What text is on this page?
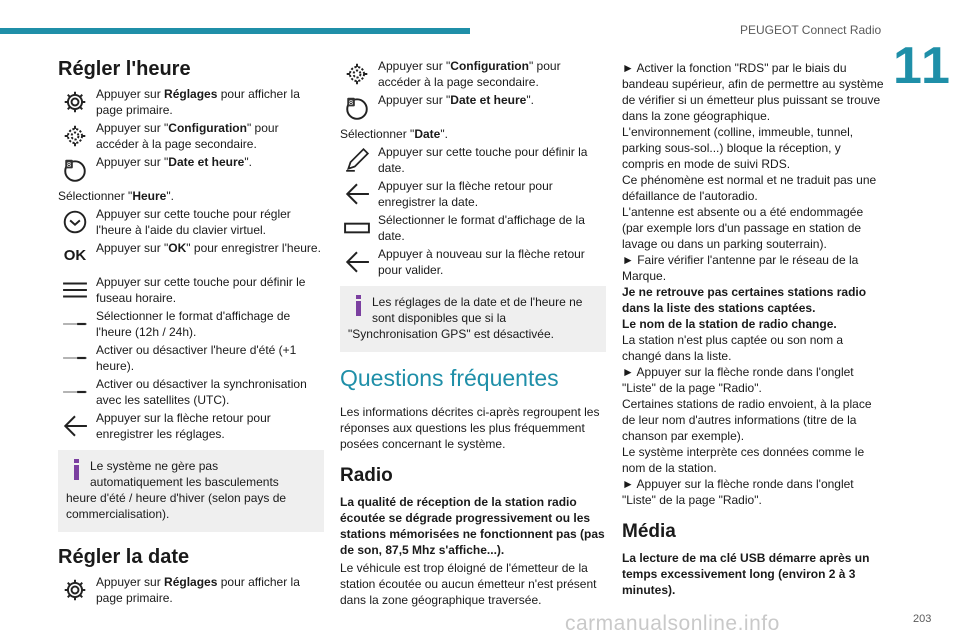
PEUGEOT Connect Radio
11
Régler l'heure
Appuyer sur Réglages pour afficher la page primaire.
Appuyer sur "Configuration" pour accéder à la page secondaire.
8 Appuyer sur "Date et heure".

Sélectionner "Heure".

Appuyer sur cette touche pour régler l'heure à l'aide du clavier virtuel.
OK Appuyer sur "OK" pour enregistrer l'heure.
Appuyer sur cette touche pour définir le fuseau horaire.
Sélectionner le format d'affichage de l'heure (12h / 24h).
Activer ou désactiver l'heure d'été (+1 heure).
Activer ou désactiver la synchronisation avec les satellites (UTC).
Appuyer sur la flèche retour pour enregistrer les réglages.
Le système ne gère pas automatiquement les basculements
heure d'été / heure d'hiver (selon pays de commercialisation).
Régler la date
Appuyer sur Réglages pour afficher la page primaire.
Appuyer sur "Configuration" pour accéder à la page secondaire.
8 Appuyer sur "Date et heure".

Sélectionner "Date".

Appuyer sur cette touche pour définir la date.
Appuyer sur la flèche retour pour enregistrer la date.
Sélectionner le format d'affichage de la date.
Appuyer à nouveau sur la flèche retour pour valider.
Les réglages de la date et de l'heure ne sont disponibles que si la
"Synchronisation GPS" est désactivée.
Questions fréquentes

Les informations décrites ci-après regroupent les réponses aux questions les plus fréquemment posées concernant le système.

Radio

La qualité de réception de la station radio écoutée se dégrade progressivement ou les stations mémorisées ne fonctionnent pas (pas de son, 87,5 Mhz s'affiche...).

Le véhicule est trop éloigné de l'émetteur de la station écoutée ou aucun émetteur n'est présent dans la zone géographique traversée.

► Activer la fonction "RDS" par le biais du bandeau supérieur, afin de permettre au système de vérifier si un émetteur plus puissant se trouve dans la zone géographique.

L'environnement (colline, immeuble, tunnel, parking sous-sol...) bloque la réception, y compris en mode de suivi RDS.

Ce phénomène est normal et ne traduit pas une défaillance de l'autoradio.

L'antenne est absente ou a été endommagée (par exemple lors d'un passage en station de lavage ou dans un parking souterrain).

► Faire vérifier l'antenne par le réseau de la Marque.

Je ne retrouve pas certaines stations radio dans la liste des stations captées.

Le nom de la station de radio change.

La station n'est plus captée ou son nom a changé dans la liste.

► Appuyer sur la flèche ronde dans l'onglet "Liste" de la page "Radio".

Certaines stations de radio envoient, à la place de leur nom d'autres informations (titre de la chanson par exemple).

Le système interprète ces données comme le nom de la station.

► Appuyer sur la flèche ronde dans l'onglet "Liste" de la page "Radio".

Média

La lecture de ma clé USB démarre après un temps excessivement long (environ 2 à 3 minutes).

carmanualsonline.info	203
